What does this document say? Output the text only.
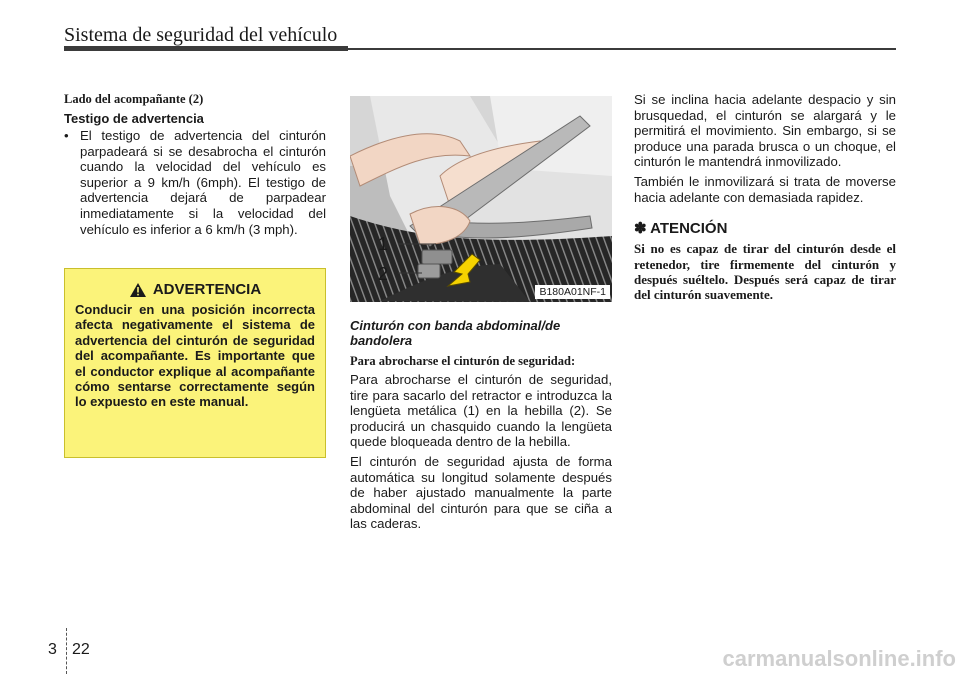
Sistema de seguridad del vehículo
Lado del acompañante (2)
Testigo de advertencia
• El testigo de advertencia del cinturón parpadeará si se desabrocha el cinturón cuando la velocidad del vehículo es superior a 9 km/h (6mph). El testigo de advertencia dejará de parpadear inmediatamente si la velocidad del vehículo es inferior a 6 km/h (3 mph).
ADVERTENCIA
Conducir en una posición incorrecta afecta negativamente el sistema de advertencia del cinturón de seguridad del acompañante. Es importante que el conductor explique al acompañante cómo sentarse correctamente según lo expuesto en este manual.
1
2
B180A01NF-1
Cinturón con banda abdominal/de bandolera
Para abrocharse el cinturón de seguridad:

Para abrocharse el cinturón de seguridad, tire para sacarlo del retractor e introduzca la lengüeta metálica (1) en la hebilla (2). Se producirá un chasquido cuando la lengüeta quede bloqueada dentro de la hebilla.

El cinturón de seguridad ajusta de forma automática su longitud solamente después de haber ajustado manualmente la parte abdominal del cinturón para que se ciña a las caderas.

Si se inclina hacia adelante despacio y sin brusquedad, el cinturón se alargará y le permitirá el movimiento. Sin embargo, si se produce una parada brusca o un choque, el cinturón le mantendrá inmovilizado.

También le inmovilizará si trata de moverse hacia adelante con demasiada rapidez.

✽ ATENCIÓN
Si no es capaz de tirar del cinturón desde el retenedor, tire firmemente del cinturón y después suéltelo. Después será capaz de tirar del cinturón suavemente.
3 22	carmanualsonline.info
